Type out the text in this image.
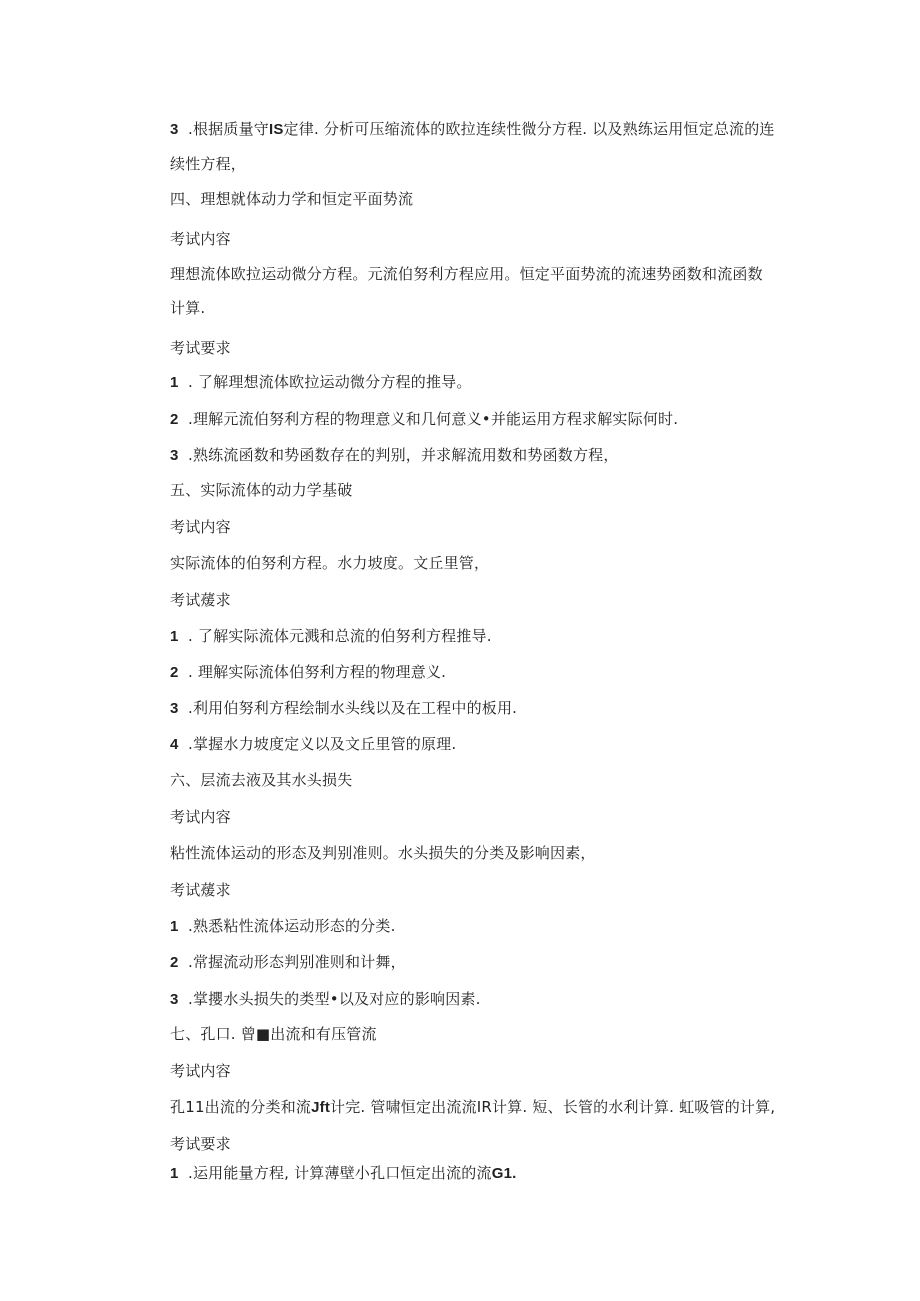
3 .根据质量守IS定律. 分析可压缩流体的欧拉连续性微分方程. 以及熟练运用恒定总流的连
续性方程，
四、理想就体动力学和恒定平面势流
考试内容
理想流体欧拉运动微分方程。元流伯努利方程应用。恒定平面势流的流速势函数和流函数
计算.
考试要求
1 . 了解理想流体欧拉运动微分方程的推导。
2 .理解元流伯努利方程的物理意义和几何意义•并能运用方程求解实际何时.
3 .熟练流函数和势函数存在的判别，并求解流用数和势函数方程，
五、实际流体的动力学基破
考试内容
实际流体的伯努利方程。水力坡度。文丘里管，
考试蕿求
1 . 了解实际流体元溅和总流的伯努利方程推导.
2 . 理解实际流体伯努利方程的物理意义.
3 .利用伯努利方程绘制水头线以及在工程中的板用.
4 .掌握水力坡度定义以及文丘里管的原理.
六、层流去液及其水头损失
考试内容
粘性流体运动的形态及判别准则。水头损失的分类及影响因素，
考试蕿求
1 .熟悉粘性流体运动形态的分类.
2 .常握流动形态判别准则和计舞，
3 .掌攖水头损失的类型•以及对应的影响因素.
七、孔口. 曾■出流和有压管流
考试内容
孔11出流的分类和流Jft计完. 管啸恒定出流流IR计算. 短、长管的水利计算. 虹吸管的计算,
考试要求
1 .运用能量方程, 计算薄壁小孔口恒定出流的流G1.
